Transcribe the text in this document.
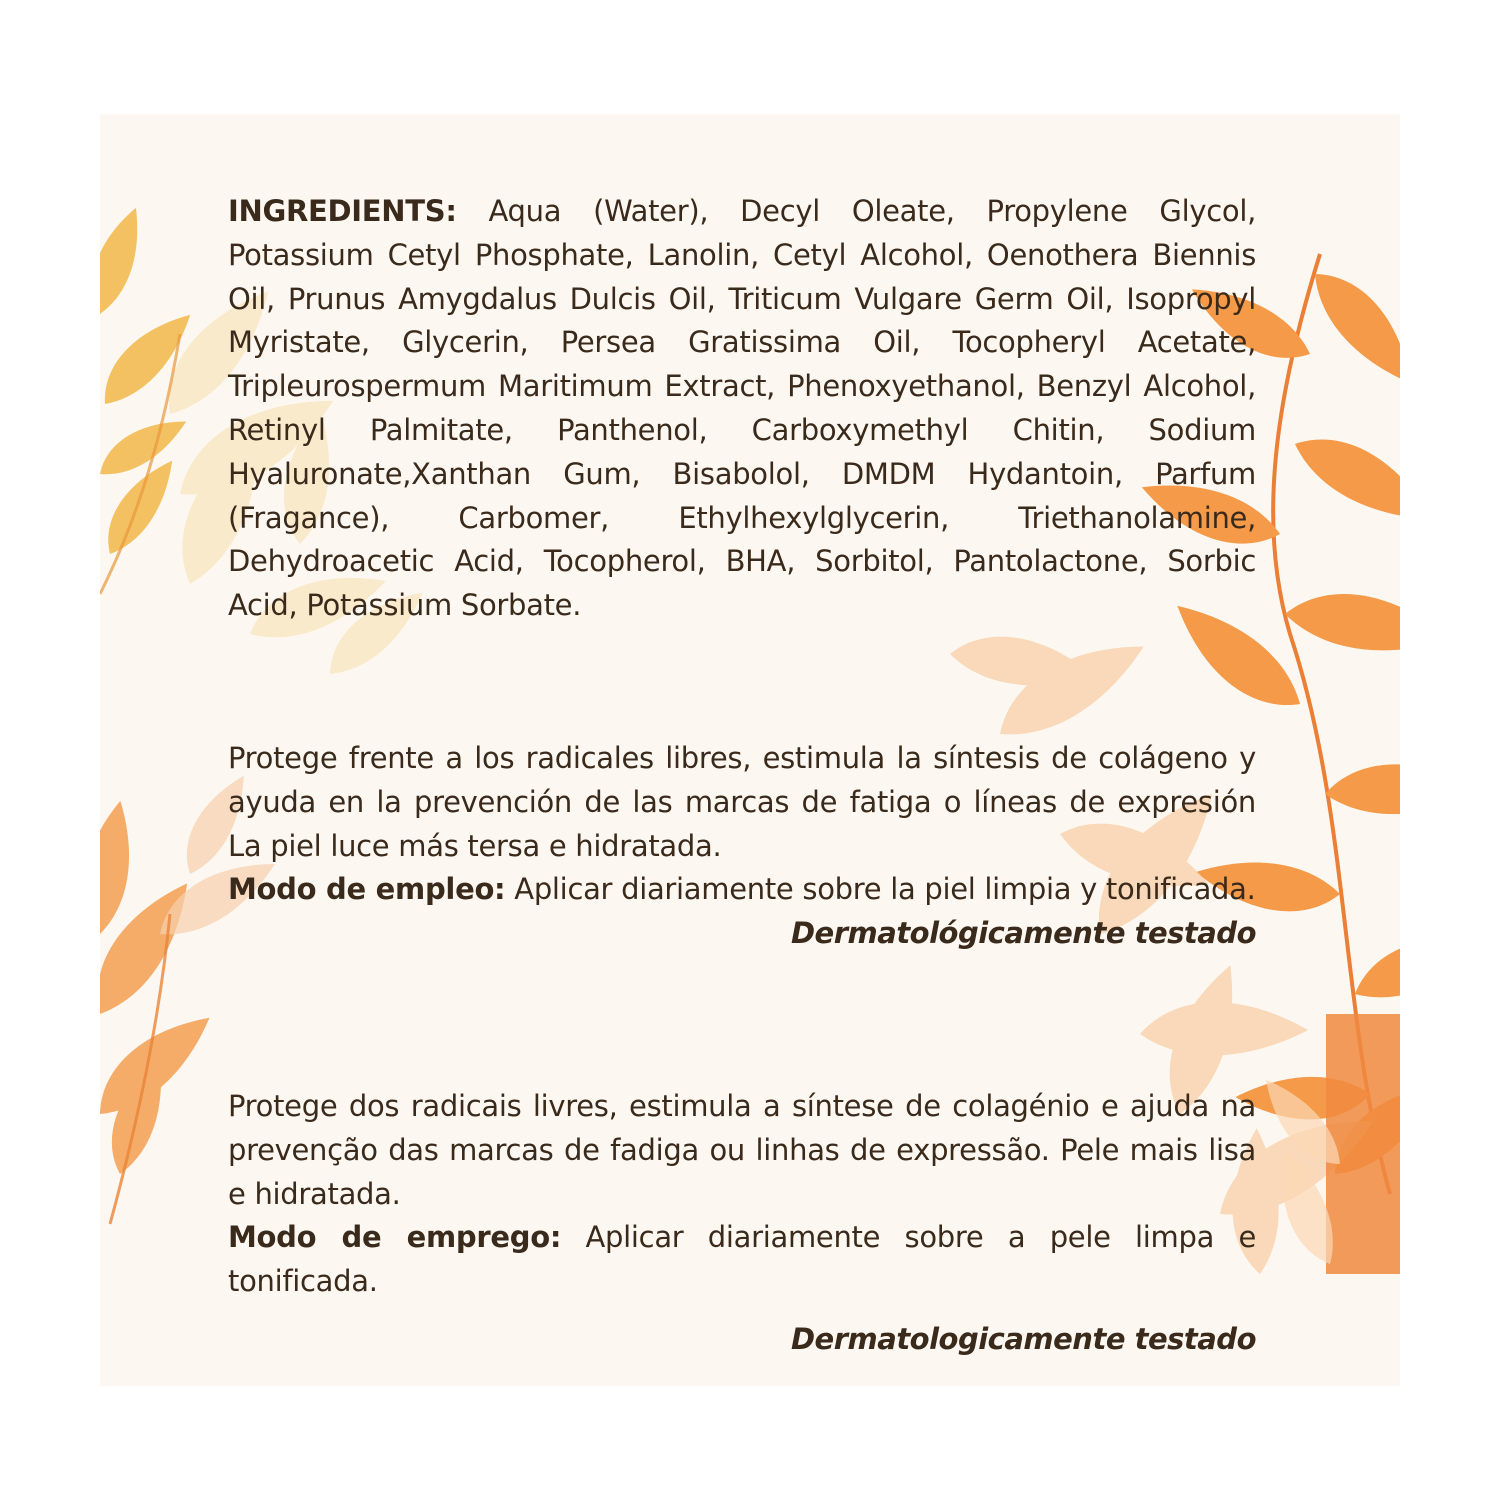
INGREDIENTS: Aqua (Water), Decyl Oleate, Propylene Glycol, Potassium Cetyl Phosphate, Lanolin, Cetyl Alcohol, Oenothera Biennis Oil, Prunus Amygdalus Dulcis Oil, Triticum Vulgare Germ Oil, Isopropyl Myristate, Glycerin, Persea Gratissima Oil, Tocopheryl Acetate, Tripleurospermum Maritimum Extract, Phenoxyethanol, Benzyl Alcohol, Retinyl Palmitate, Panthenol, Carboxymethyl Chitin, Sodium Hyaluronate,Xanthan Gum, Bisabolol, DMDM Hydantoin, Parfum (Fragance), Carbomer, Ethylhexylglycerin, Triethanolamine, Dehydroacetic Acid, Tocopherol, BHA, Sorbitol, Pantolactone, Sorbic Acid, Potassium Sorbate.

Protege frente a los radicales libres, estimula la síntesis de colágeno y ayuda en la prevención de las marcas de fatiga o líneas de expresión La piel luce más tersa e hidratada.

Modo de empleo: Aplicar diariamente sobre la piel limpia y tonificada.

Dermatológicamente testado

Protege dos radicais livres, estimula a síntese de colagénio e ajuda na prevenção das marcas de fadiga ou linhas de expressão. Pele mais lisa e hidratada.

Modo de emprego: Aplicar diariamente sobre a pele limpa e tonificada.

Dermatologicamente testado
